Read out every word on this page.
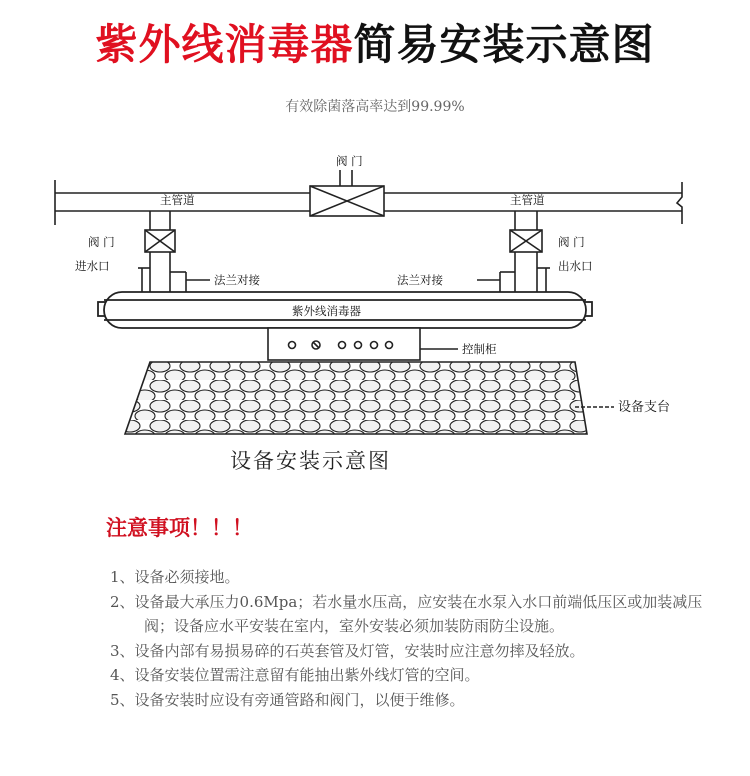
紫外线消毒器简易安装示意图
有效除菌落高率达到99.99%
阀 门
主管道	主管道
阀 门	阀 门
进水口	出水口
法兰对接	法兰对接
紫外线消毒器
控制柜
设备支台
设备安装示意图
注意事项！！！
1、设备必须接地。
2、设备最大承压力0.6Mpa；若水量水压高，应安装在水泵入水口前端低压区或加装减压阀；设备应水平安装在室内，室外安装必须加装防雨防尘设施。
3、设备内部有易损易碎的石英套管及灯管，安装时应注意勿摔及轻放。
4、设备安装位置需注意留有能抽出紫外线灯管的空间。
5、设备安装时应设有旁通管路和阀门，以便于维修。
